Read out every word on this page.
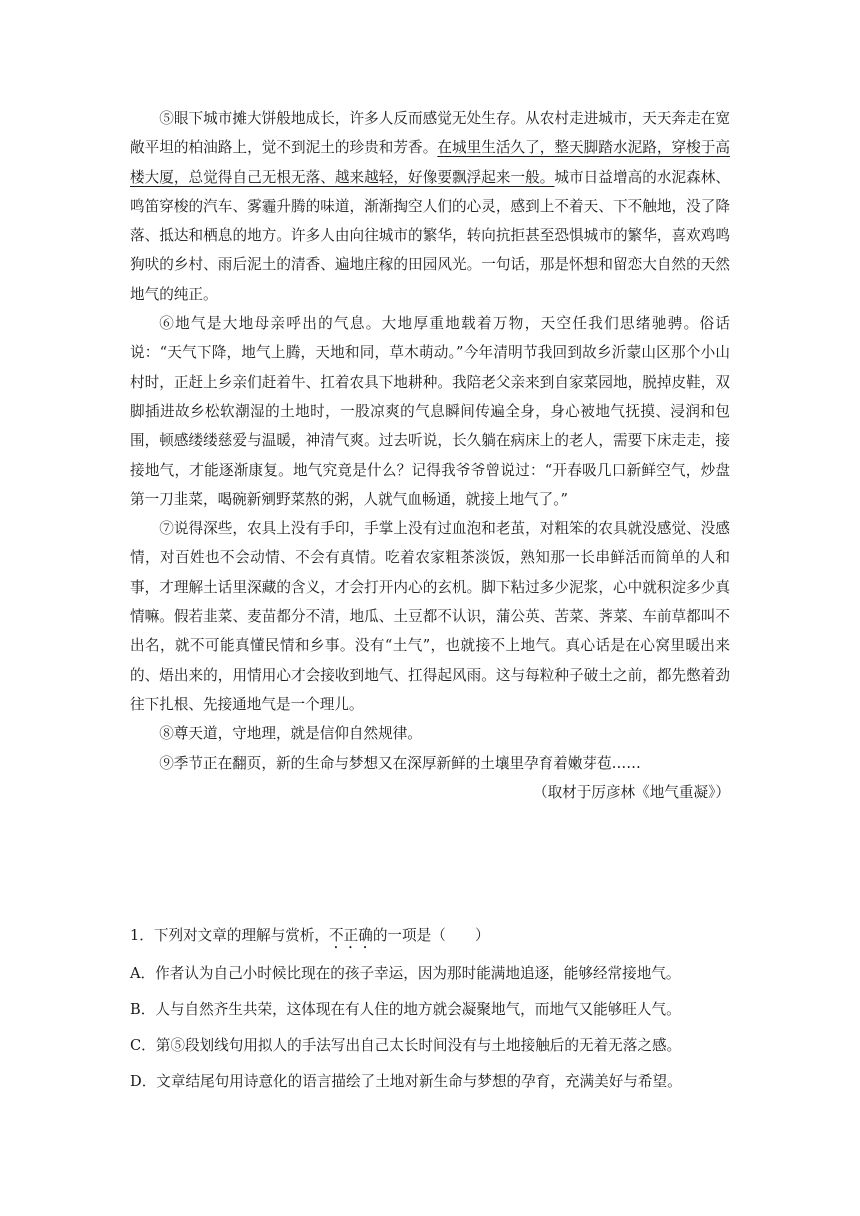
⑤眼下城市摊大饼般地成长，许多人反而感觉无处生存。从农村走进城市，天天奔走在宽敞平坦的柏油路上，觉不到泥土的珍贵和芳香。在城里生活久了，整天脚踏水泥路，穿梭于高楼大厦，总觉得自己无根无落、越来越轻，好像要飘浮起来一般。城市日益增高的水泥森林、鸣笛穿梭的汽车、雾霾升腾的味道，渐渐掏空人们的心灵，感到上不着天、下不触地，没了降落、抵达和栖息的地方。许多人由向往城市的繁华，转向抗拒甚至恐惧城市的繁华，喜欢鸡鸣狗吠的乡村、雨后泥土的清香、遍地庄稼的田园风光。一句话，那是怀想和留恋大自然的天然地气的纯正。

⑥地气是大地母亲呼出的气息。大地厚重地载着万物，天空任我们思绪驰骋。俗话说：“天气下降，地气上腾，天地和同，草木萌动。”今年清明节我回到故乡沂蒙山区那个小山村时，正赶上乡亲们赶着牛、扛着农具下地耕种。我陪老父亲来到自家菜园地，脱掉皮鞋，双脚插进故乡松软潮湿的土地时，一股凉爽的气息瞬间传遍全身，身心被地气抚摸、浸润和包围，顿感缕缕慈爱与温暖，神清气爽。过去听说，长久躺在病床上的老人，需要下床走走，接接地气，才能逐渐康复。地气究竟是什么？记得我爷爷曾说过：“开春吸几口新鲜空气，炒盘第一刀韭菜，喝碗新剜野菜熬的粥，人就气血畅通，就接上地气了。”

⑦说得深些，农具上没有手印，手掌上没有过血泡和老茧，对粗笨的农具就没感觉、没感情，对百姓也不会动情、不会有真情。吃着农家粗茶淡饭，熟知那一长串鲜活而简单的人和事，才理解土话里深藏的含义，才会打开内心的玄机。脚下粘过多少泥浆，心中就积淀多少真情嘛。假若韭菜、麦苗都分不清，地瓜、土豆都不认识，蒲公英、苦菜、荠菜、车前草都叫不出名，就不可能真懂民情和乡事。没有“土气”，也就接不上地气。真心话是在心窝里暖出来的、焐出来的，用情用心才会接收到地气、扛得起风雨。这与每粒种子破土之前，都先憋着劲往下扎根、先接通地气是一个理儿。

⑧尊天道，守地理，就是信仰自然规律。

⑨季节正在翻页，新的生命与梦想又在深厚新鲜的土壤里孕育着嫩芽苞……

（取材于厉彦林《地气重凝》）

1．下列对文章的理解与赏析，不正确的一项是（　　）

A．作者认为自己小时候比现在的孩子幸运，因为那时能满地追逐，能够经常接地气。

B．人与自然齐生共荣，这体现在有人住的地方就会凝聚地气，而地气又能够旺人气。

C．第⑤段划线句用拟人的手法写出自己太长时间没有与土地接触后的无着无落之感。

D．文章结尾句用诗意化的语言描绘了土地对新生命与梦想的孕育，充满美好与希望。
